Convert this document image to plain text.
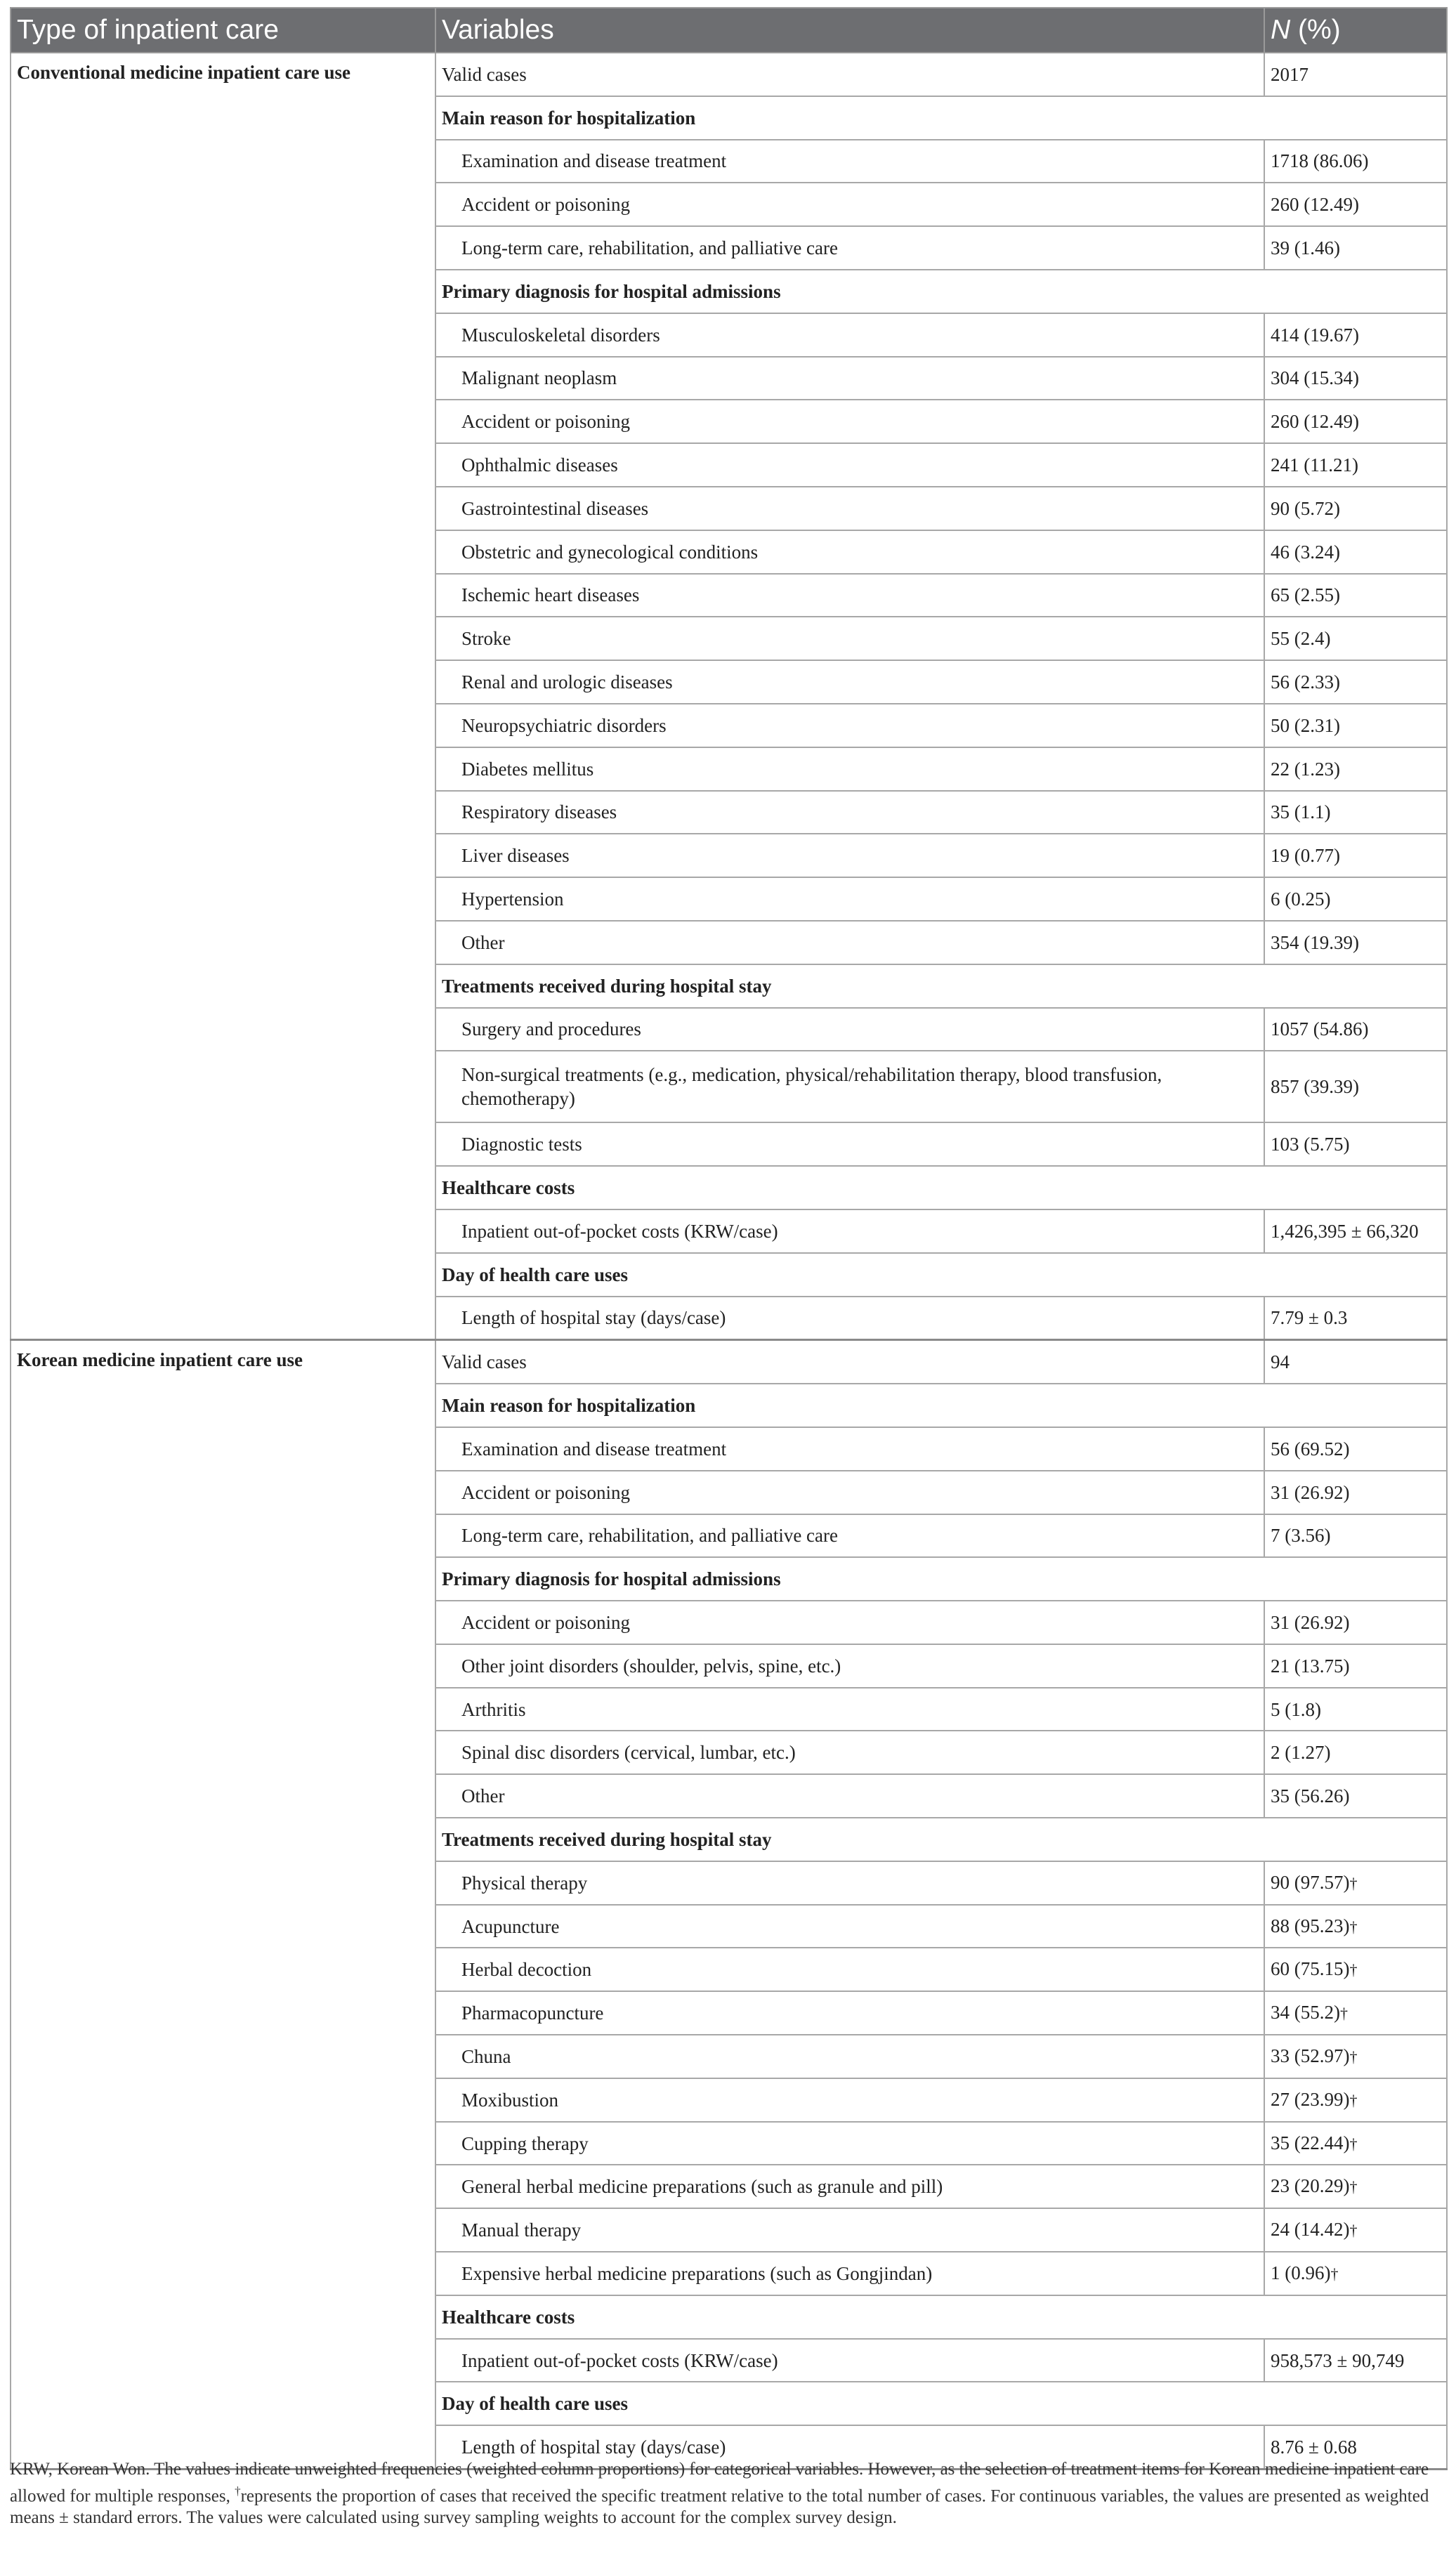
Type of inpatient care	Variables	N (%)
Conventional medicine inpatient care use	Valid cases	2017
	Main reason for hospitalization	
	Examination and disease treatment	1718 (86.06)
	Accident or poisoning	260 (12.49)
	Long-term care, rehabilitation, and palliative care	39 (1.46)
	Primary diagnosis for hospital admissions	
	Musculoskeletal disorders	414 (19.67)
	Malignant neoplasm	304 (15.34)
	Accident or poisoning	260 (12.49)
	Ophthalmic diseases	241 (11.21)
	Gastrointestinal diseases	90 (5.72)
	Obstetric and gynecological conditions	46 (3.24)
	Ischemic heart diseases	65 (2.55)
	Stroke	55 (2.4)
	Renal and urologic diseases	56 (2.33)
	Neuropsychiatric disorders	50 (2.31)
	Diabetes mellitus	22 (1.23)
	Respiratory diseases	35 (1.1)
	Liver diseases	19 (0.77)
	Hypertension	6 (0.25)
	Other	354 (19.39)
	Treatments received during hospital stay	
	Surgery and procedures	1057 (54.86)
	Non-surgical treatments (e.g., medication, physical/rehabilitation therapy, blood transfusion, chemotherapy)	857 (39.39)
	Diagnostic tests	103 (5.75)
	Healthcare costs	
	Inpatient out-of-pocket costs (KRW/case)	1,426,395 ± 66,320
	Day of health care uses	
	Length of hospital stay (days/case)	7.79 ± 0.3
Korean medicine inpatient care use	Valid cases	94
	Main reason for hospitalization	
	Examination and disease treatment	56 (69.52)
	Accident or poisoning	31 (26.92)
	Long-term care, rehabilitation, and palliative care	7 (3.56)
	Primary diagnosis for hospital admissions	
	Accident or poisoning	31 (26.92)
	Other joint disorders (shoulder, pelvis, spine, etc.)	21 (13.75)
	Arthritis	5 (1.8)
	Spinal disc disorders (cervical, lumbar, etc.)	2 (1.27)
	Other	35 (56.26)
	Treatments received during hospital stay	
	Physical therapy	90 (97.57)†
	Acupuncture	88 (95.23)†
	Herbal decoction	60 (75.15)†
	Pharmacopuncture	34 (55.2)†
	Chuna	33 (52.97)†
	Moxibustion	27 (23.99)†
	Cupping therapy	35 (22.44)†
	General herbal medicine preparations (such as granule and pill)	23 (20.29)†
	Manual therapy	24 (14.42)†
	Expensive herbal medicine preparations (such as Gongjindan)	1 (0.96)†
	Healthcare costs	
	Inpatient out-of-pocket costs (KRW/case)	958,573 ± 90,749
	Day of health care uses	
	Length of hospital stay (days/case)	8.76 ± 0.68
KRW, Korean Won. The values indicate unweighted frequencies (weighted column proportions) for categorical variables. However, as the selection of treatment items for Korean medicine inpatient care allowed for multiple responses, †represents the proportion of cases that received the specific treatment relative to the total number of cases. For continuous variables, the values are presented as weighted means ± standard errors. The values were calculated using survey sampling weights to account for the complex survey design.
